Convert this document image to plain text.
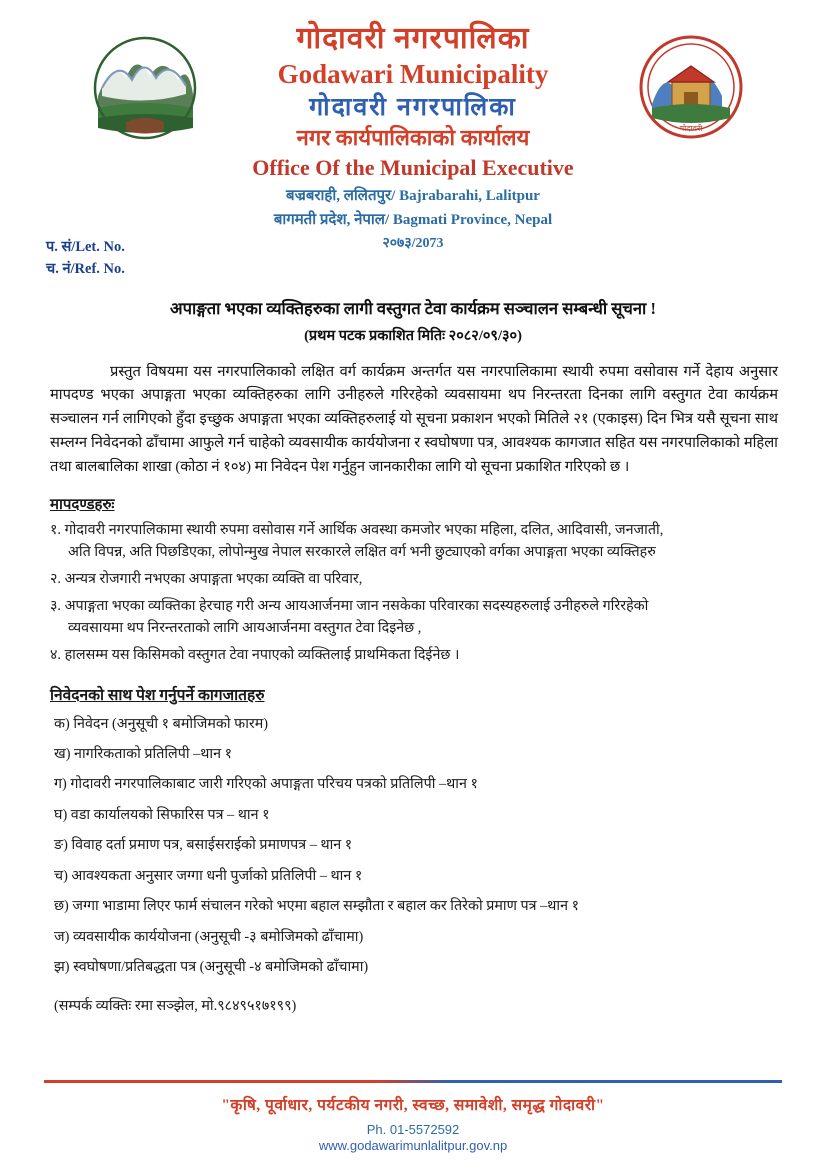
गोदावरी
गोदावरी नगरपालिका
Godawari Municipality
गोदावरी नगरपालिका
नगर कार्यपालिकाको कार्यालय
Office Of the Municipal Executive
बज्रबराही, ललितपुर/ Bajrabarahi, Lalitpur
बागमती प्रदेश, नेपाल/ Bagmati Province, Nepal
२०७३/2073
प. सं/Let. No.
च. नं/Ref. No.
अपाङ्गता भएका व्यक्तिहरुका लागी वस्तुगत टेवा कार्यक्रम सञ्चालन सम्बन्धी सूचना !
(प्रथम पटक प्रकाशित मितिः २०८२/०९/३०)

प्रस्तुत विषयमा यस नगरपालिकाको लक्षित वर्ग कार्यक्रम अन्तर्गत यस नगरपालिकामा स्थायी रुपमा वसोवास गर्ने देहाय अनुसार मापदण्ड भएका अपाङ्गता भएका व्यक्तिहरुका लागि उनीहरुले गरिरहेको व्यवसायमा थप निरन्तरता दिनका लागि वस्तुगत टेवा कार्यक्रम सञ्चालन गर्न लागिएको हुँदा इच्छुक अपाङ्गता भएका व्यक्तिहरुलाई यो सूचना प्रकाशन भएको मितिले २१ (एकाइस) दिन भित्र यसै सूचना साथ सम्लग्न निवेदनको ढाँचामा आफुले गर्न चाहेको व्यवसायीक कार्ययोजना र स्वघोषणा पत्र, आवश्यक कागजात सहित यस नगरपालिकाको महिला तथा बालबालिका शाखा (कोठा नं १०४) मा निवेदन पेश गर्नुहुन जानकारीका लागि यो सूचना प्रकाशित गरिएको छ ।

मापदण्डहरुः
१. गोदावरी नगरपालिकामा स्थायी रुपमा वसोवास गर्ने आर्थिक अवस्था कमजोर भएका महिला, दलित, आदिवासी, जनजाती,
अति विपन्न, अति पिछडिएका, लोपोन्मुख नेपाल सरकारले लक्षित वर्ग भनी छुट्याएको वर्गका अपाङ्गता भएका व्यक्तिहरु
२. अन्यत्र रोजगारी नभएका अपाङ्गता भएका व्यक्ति वा परिवार,
३. अपाङ्गता भएका व्यक्तिका हेरचाह गरी अन्य आयआर्जनमा जान नसकेका परिवारका सदस्यहरुलाई उनीहरुले गरिरहेको
व्यवसायमा थप निरन्तरताको लागि आयआर्जनमा वस्तुगत टेवा दिइनेछ ,
४. हालसम्म यस किसिमको वस्तुगत टेवा नपाएको व्यक्तिलाई प्राथमिकता दिईनेछ ।
निवेदनको साथ पेश गर्नुपर्ने कागजातहरु
क) निवेदन (अनुसूची १ बमोजिमको फारम)
ख) नागरिकताको प्रतिलिपी –थान १
ग) गोदावरी नगरपालिकाबाट जारी गरिएको अपाङ्गता परिचय पत्रको प्रतिलिपी –थान १
घ) वडा कार्यालयको सिफारिस पत्र – थान १
ङ) विवाह दर्ता प्रमाण पत्र, बसाईसराईको प्रमाणपत्र – थान १
च) आवश्यकता अनुसार जग्गा धनी पुर्जाको प्रतिलिपी – थान १
छ) जग्गा भाडामा लिएर फार्म संचालन गरेको भएमा बहाल सम्झौता र बहाल कर तिरेको प्रमाण पत्र –थान १
ज) व्यवसायीक कार्ययोजना (अनुसूची -३ बमोजिमको ढाँचामा)
झ) स्वघोषणा/प्रतिबद्धता पत्र (अनुसूची -४ बमोजिमको ढाँचामा)
(सम्पर्क व्यक्तिः रमा सञ्झेल, मो.९८४९५१७१९९)
"कृषि, पूर्वाधार, पर्यटकीय नगरी, स्वच्छ, समावेशी, समृद्ध गोदावरी"
Ph. 01-5572592
www.godawarimunlalitpur.gov.np
